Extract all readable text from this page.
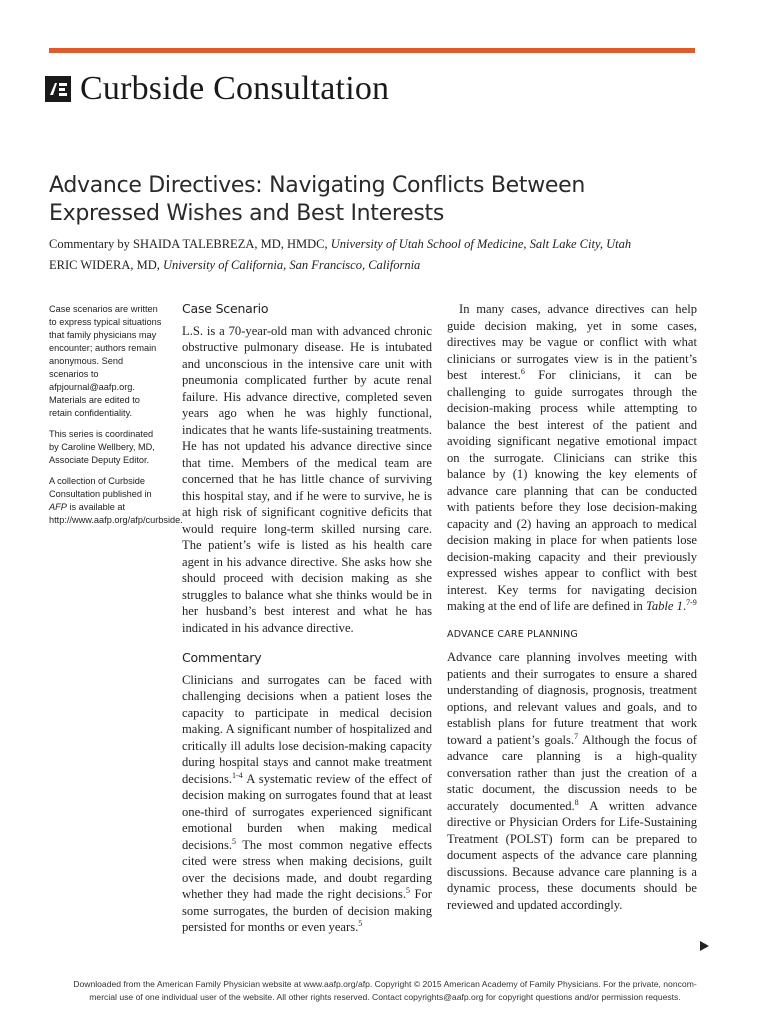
Curbside Consultation
Advance Directives: Navigating Conflicts Between
Expressed Wishes and Best Interests
Commentary by SHAIDA TALEBREZA, MD, HMDC, University of Utah School of Medicine, Salt Lake City, Utah
ERIC WIDERA, MD, University of California, San Francisco, California

Case scenarios are written to express typical situations that family physicians may encounter; authors remain anonymous. Send scenarios to afpjournal@aafp.org. Materials are edited to retain confidentiality.

This series is coordinated by Caroline Wellbery, MD, Associate Deputy Editor.

A collection of Curbside Consultation published in AFP is available at http://www.aafp.org/afp/curbside.

Case Scenario

L.S. is a 70-year-old man with advanced chronic obstructive pulmonary disease. He is intubated and unconscious in the intensive care unit with pneumonia complicated further by acute renal failure. His advance directive, completed seven years ago when he was highly functional, indicates that he wants life-sustaining treatments. He has not updated his advance directive since that time. Members of the medical team are concerned that he has little chance of surviving this hospital stay, and if he were to survive, he is at high risk of significant cognitive deficits that would require long-term skilled nursing care. The patient’s wife is listed as his health care agent in his advance directive. She asks how she should proceed with decision making as she struggles to balance what she thinks would be in her husband’s best interest and what he has indicated in his advance directive.

Commentary

Clinicians and surrogates can be faced with challenging decisions when a patient loses the capacity to participate in medical decision making. A significant number of hospitalized and critically ill adults lose decision-making capacity during hospital stays and cannot make treatment decisions.$^{1-4}$ A systematic review of the effect of decision making on surrogates found that at least one-third of surrogates experienced significant emotional burden when making medical decisions.$^5$ The most common negative effects cited were stress when making decisions, guilt over the decisions made, and doubt regarding whether they had made the right decisions.$^5$ For some surrogates, the burden of decision making persisted for months or even years.$^5$

In many cases, advance directives can help guide decision making, yet in some cases, directives may be vague or conflict with what clinicians or surrogates view is in the patient’s best interest.$^6$ For clinicians, it can be challenging to guide surrogates through the decision-making process while attempting to balance the best interest of the patient and avoiding significant negative emotional impact on the surrogate. Clinicians can strike this balance by (1) knowing the key elements of advance care planning that can be conducted with patients before they lose decision-making capacity and (2) having an approach to medical decision making in place for when patients lose decision-making capacity and their previously expressed wishes appear to conflict with best interest. Key terms for navigating decision making at the end of life are defined in Table 1.$^{7-9}$

ADVANCE CARE PLANNING

Advance care planning involves meeting with patients and their surrogates to ensure a shared understanding of diagnosis, prognosis, treatment options, and relevant values and goals, and to establish plans for future treatment that work toward a patient’s goals.$^7$ Although the focus of advance care planning is a high-quality conversation rather than just the creation of a static document, the discussion needs to be accurately documented.$^8$ A written advance directive or Physician Orders for Life-Sustaining Treatment (POLST) form can be prepared to document aspects of the advance care planning discussions. Because advance care planning is a dynamic process, these documents should be reviewed and updated accordingly.

Downloaded from the American Family Physician website at www.aafp.org/afp. Copyright © 2015 American Academy of Family Physicians. For the private, noncom-
mercial use of one individual user of the website. All other rights reserved. Contact copyrights@aafp.org for copyright questions and/or permission requests.
